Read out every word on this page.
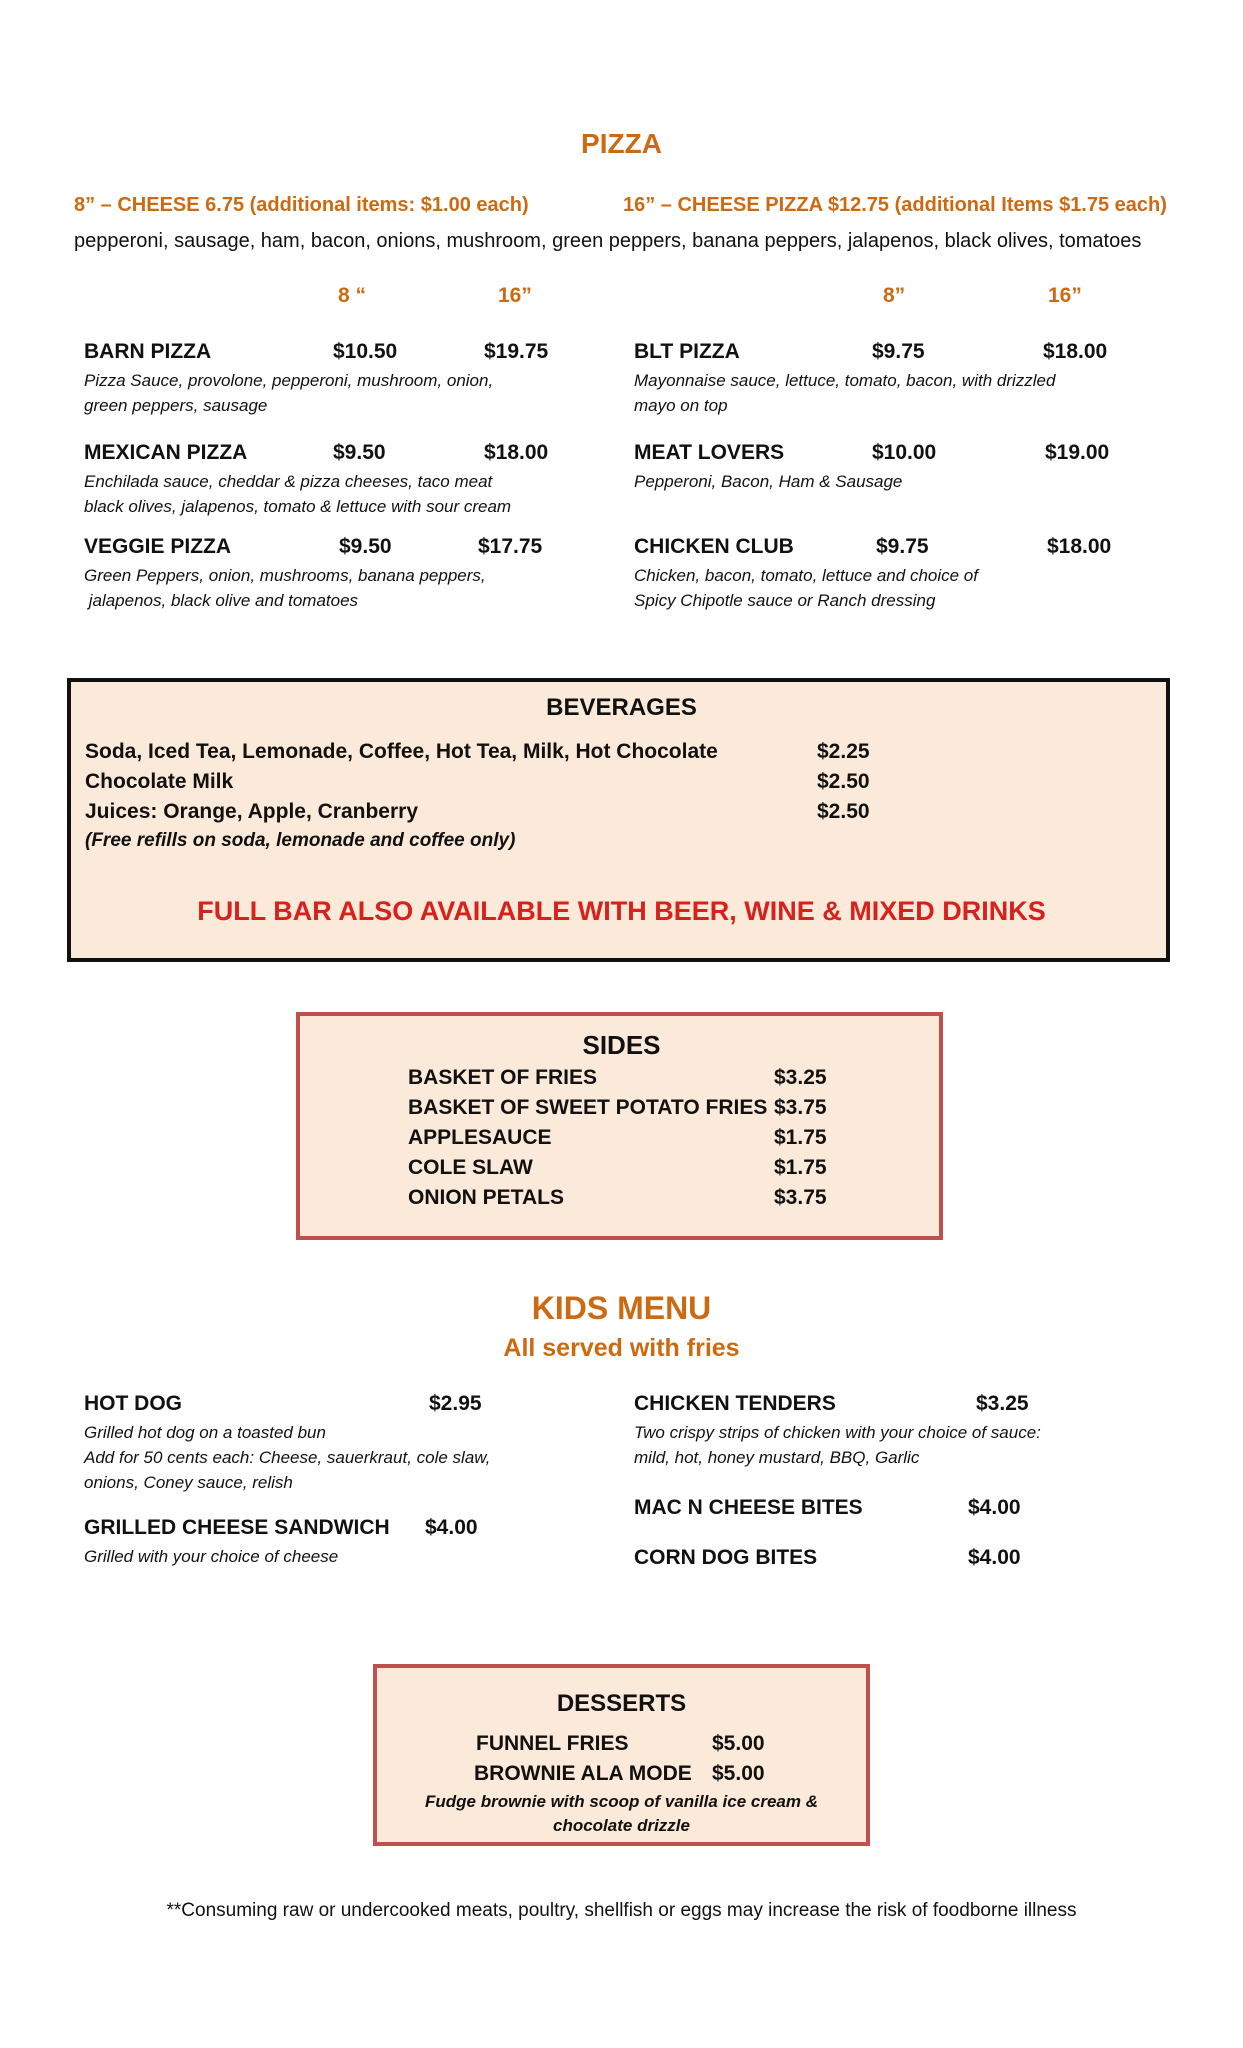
PIZZA
8” – CHEESE 6.75 (additional items: $1.00 each)	16” – CHEESE PIZZA $12.75 (additional Items $1.75 each)
pepperoni, sausage, ham, bacon, onions, mushroom, green peppers, banana peppers, jalapenos, black olives, tomatoes
8 “	16”	8”	16”
BARN PIZZA	$10.50	$19.75
Pizza Sauce, provolone, pepperoni, mushroom, onion,
green peppers, sausage
MEXICAN PIZZA	$9.50	$18.00
Enchilada sauce, cheddar & pizza cheeses, taco meat
black olives, jalapenos, tomato & lettuce with sour cream
VEGGIE PIZZA	$9.50	$17.75
Green Peppers, onion, mushrooms, banana peppers,
jalapenos, black olive and tomatoes
BLT PIZZA	$9.75	$18.00
Mayonnaise sauce, lettuce, tomato, bacon, with drizzled
mayo on top
MEAT LOVERS	$10.00	$19.00
Pepperoni, Bacon, Ham & Sausage
CHICKEN CLUB	$9.75	$18.00
Chicken, bacon, tomato, lettuce and choice of
Spicy Chipotle sauce or Ranch dressing
BEVERAGES
Soda, Iced Tea, Lemonade, Coffee, Hot Tea, Milk, Hot Chocolate	$2.25
Chocolate Milk	$2.50
Juices: Orange, Apple, Cranberry	$2.50
(Free refills on soda, lemonade and coffee only)
FULL BAR ALSO AVAILABLE WITH BEER, WINE & MIXED DRINKS
SIDES
BASKET OF FRIES	$3.25
BASKET OF SWEET POTATO FRIES $3.75
APPLESAUCE	$1.75
COLE SLAW	$1.75
ONION PETALS	$3.75
KIDS MENU
All served with fries
HOT DOG	$2.95
Grilled hot dog on a toasted bun
Add for 50 cents each: Cheese, sauerkraut, cole slaw,
onions, Coney sauce, relish
GRILLED CHEESE SANDWICH $4.00
Grilled with your choice of cheese
CHICKEN TENDERS	$3.25
Two crispy strips of chicken with your choice of sauce:
mild, hot, honey mustard, BBQ, Garlic
MAC N CHEESE BITES	$4.00
CORN DOG BITES	$4.00
DESSERTS
FUNNEL FRIES	$5.00
BROWNIE ALA MODE $5.00
Fudge brownie with scoop of vanilla ice cream &
chocolate drizzle
**Consuming raw or undercooked meats, poultry, shellfish or eggs may increase the risk of foodborne illness
